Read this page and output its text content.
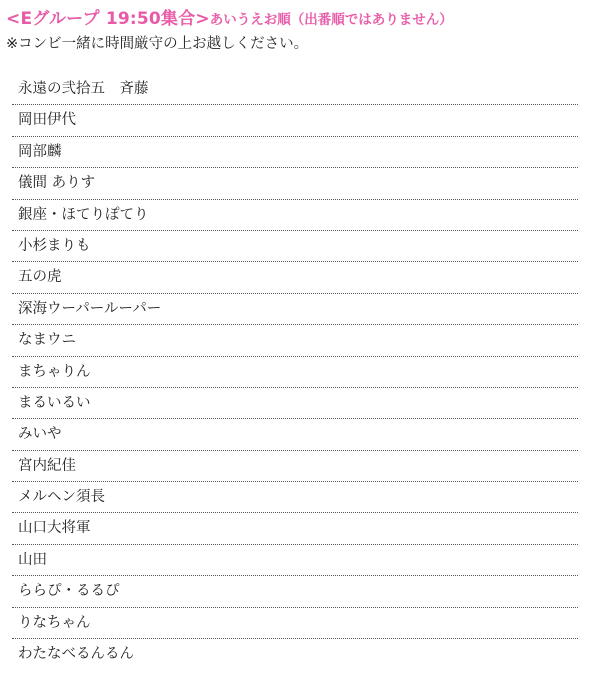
<Eグループ 19:50集合> あいうえお順（出番順ではありません）
※コンビ一緒に時間厳守の上お越しください。
永遠の弐拾五　斉藤
岡田伊代
岡部麟
儀間 ありす
銀座・ほてりぽてり
小杉まりも
五の虎
深海ウーパールーパー
なまウニ
まちゃりん
まるいるい
みいや
宮内紀佳
メルヘン須長
山口大将軍
山田
ららぴ・るるぴ
りなちゃん
わたなべるんるん
